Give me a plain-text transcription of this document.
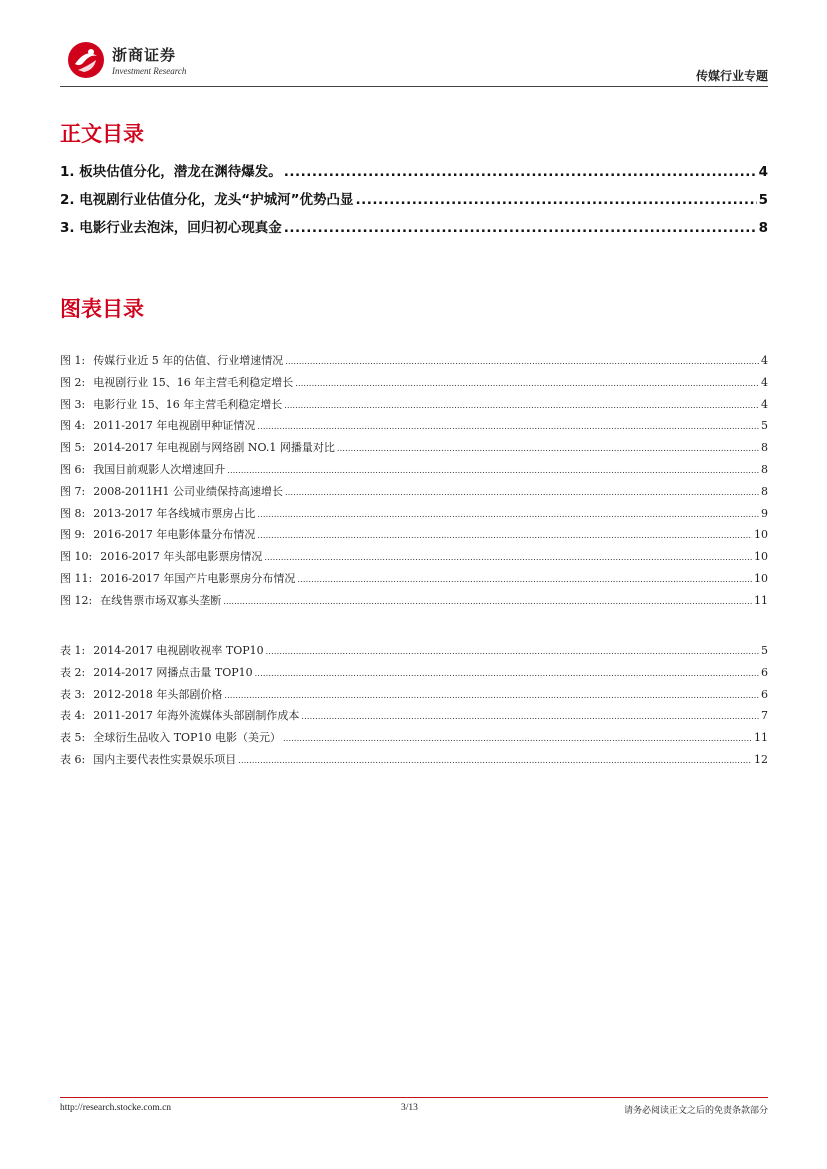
浙商证券
Investment Research	传媒行业专题
正文目录
1. 板块估值分化，潜龙在渊待爆发。 .....	4
2. 电视剧行业估值分化，龙头“护城河”优势凸显 .....	5
3. 电影行业去泡沫，回归初心现真金 .....	8
图表目录
图 1: 传媒行业近 5 年的估值、行业增速情况 .....	4
图 2: 电视剧行业 15、16 年主营毛利稳定增长 .....	4
图 3: 电影行业 15、16 年主营毛利稳定增长 .....	4
图 4: 2011-2017 年电视剧甲种证情况 .....	5
图 5: 2014-2017 年电视剧与网络剧 NO.1 网播量对比 .....	8
图 6: 我国目前观影人次增速回升 .....	8
图 7: 2008-2011H1 公司业绩保持高速增长 .....	8
图 8: 2013-2017 年各线城市票房占比 .....	9
图 9: 2016-2017 年电影体量分布情况 .....	10
图 10: 2016-2017 年头部电影票房情况 .....	10
图 11: 2016-2017 年国产片电影票房分布情况 .....	10
图 12: 在线售票市场双寡头垄断 .....	11
表 1: 2014-2017 电视剧收视率 TOP10 .....	5
表 2: 2014-2017 网播点击量 TOP10 .....	6
表 3: 2012-2018 年头部剧价格 .....	6
表 4: 2011-2017 年海外流媒体头部剧制作成本 .....	7
表 5: 全球衍生品收入 TOP10 电影（美元） .....	11
表 6: 国内主要代表性实景娱乐项目 .....	12
http://research.stocke.com.cn	3/13	请务必阅读正文之后的免责条款部分
